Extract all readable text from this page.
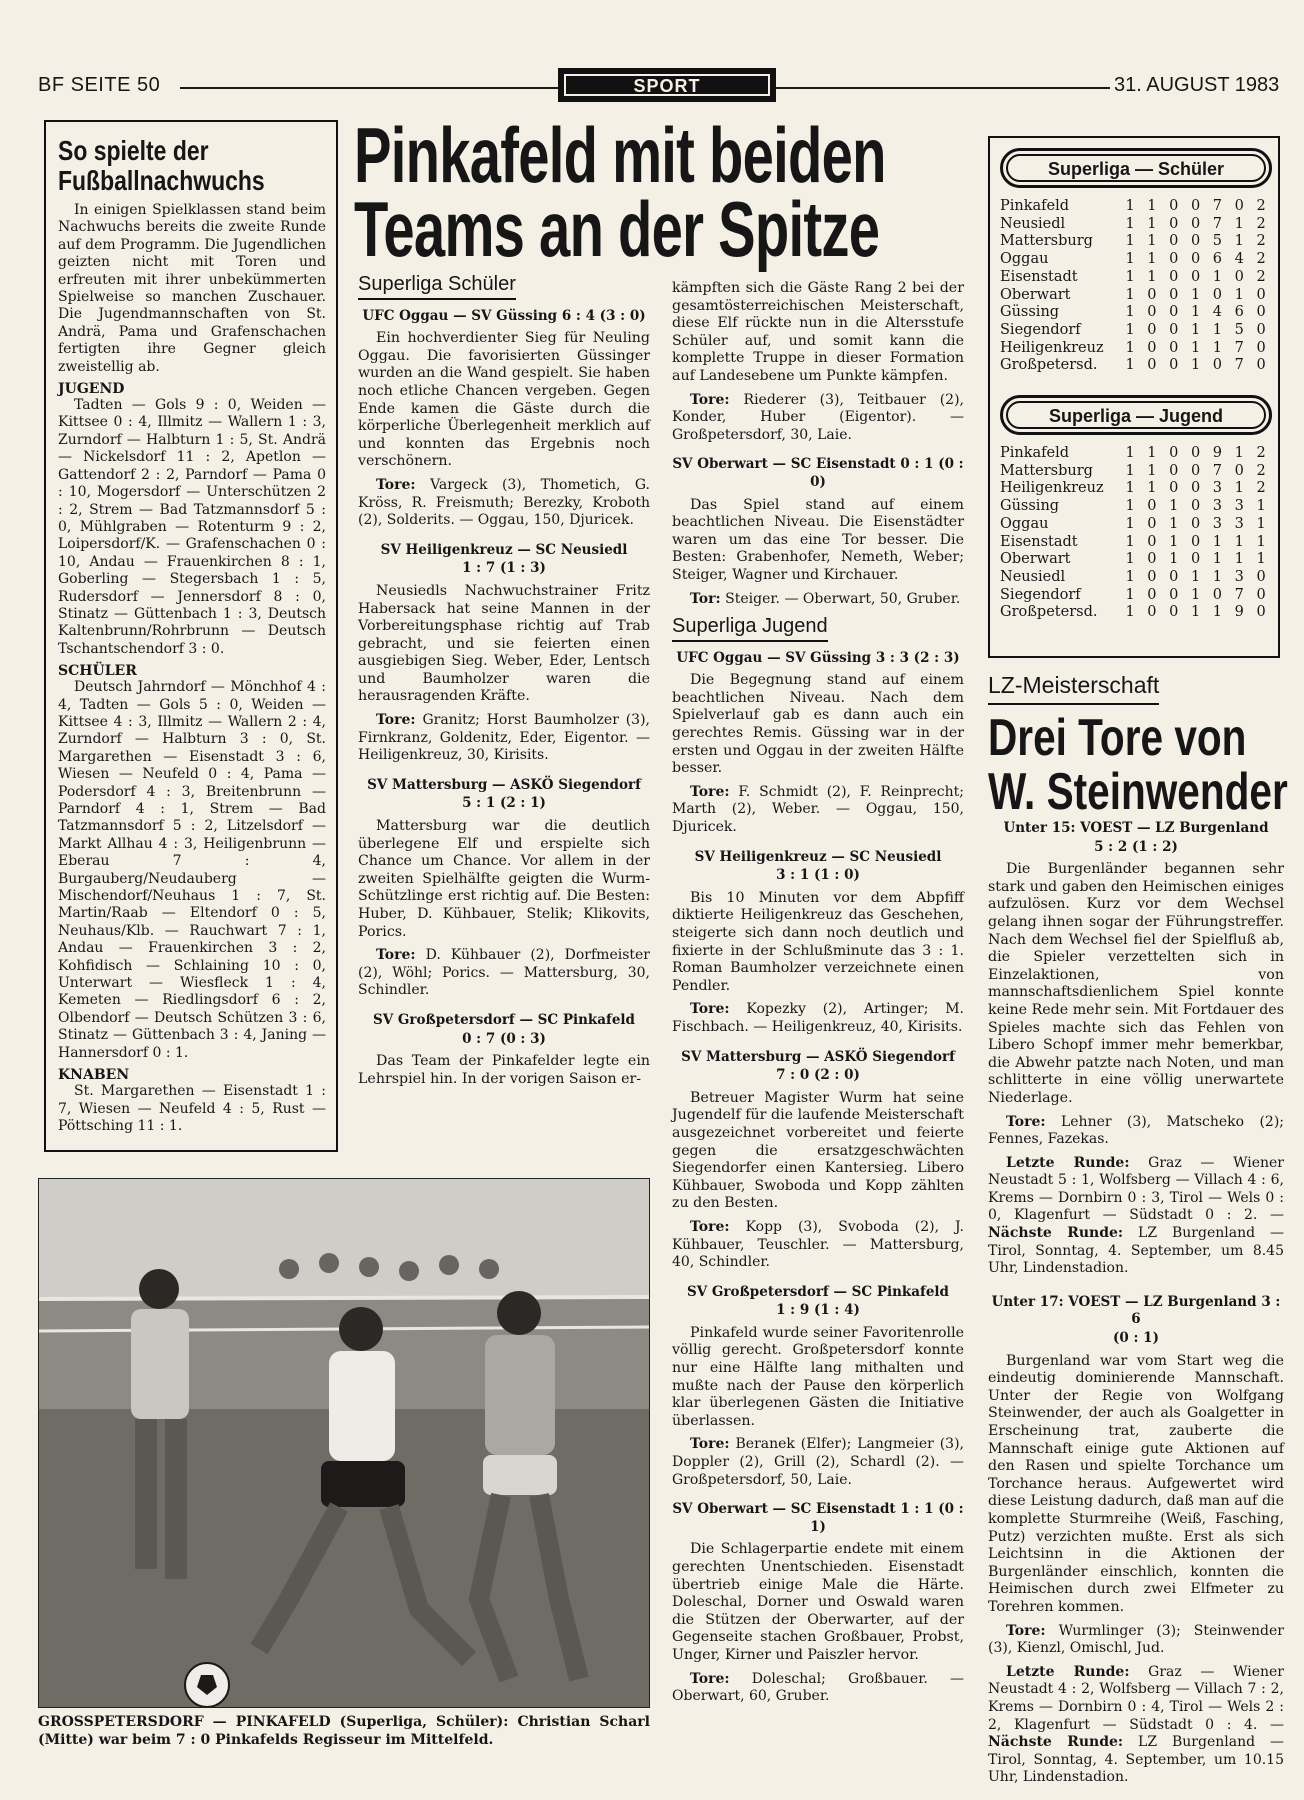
BF SEITE 50	SPORT	31. AUGUST 1983
So spielte der
Fußballnachwuchs

In einigen Spielklassen stand beim Nachwuchs bereits die zweite Runde auf dem Programm. Die Jugendlichen geizten nicht mit Toren und erfreuten mit ihrer unbekümmerten Spielweise so manchen Zuschauer. Die Jugendmannschaften von St. Andrä, Pama und Grafenschachen fertigten ihre Gegner gleich zweistellig ab.

JUGEND

Tadten — Gols 9 : 0, Weiden — Kittsee 0 : 4, Illmitz — Wallern 1 : 3, Zurndorf — Halbturn 1 : 5, St. Andrä — Nickelsdorf 11 : 2, Apetlon — Gattendorf 2 : 2, Parndorf — Pama 0 : 10, Mogersdorf — Unterschützen 2 : 2, Strem — Bad Tatzmannsdorf 5 : 0, Mühlgraben — Rotenturm 9 : 2, Loipersdorf/K. — Grafenschachen 0 : 10, Andau — Frauenkirchen 8 : 1, Goberling — Stegersbach 1 : 5, Rudersdorf — Jennersdorf 8 : 0, Stinatz — Güttenbach 1 : 3, Deutsch Kaltenbrunn/Rohrbrunn — Deutsch Tschantschendorf 3 : 0.

SCHÜLER

Deutsch Jahrndorf — Mönchhof 4 : 4, Tadten — Gols 5 : 0, Weiden — Kittsee 4 : 3, Illmitz — Wallern 2 : 4, Zurndorf — Halbturn 3 : 0, St. Margarethen — Eisenstadt 3 : 6, Wiesen — Neufeld 0 : 4, Pama — Podersdorf 4 : 3, Breitenbrunn — Parndorf 4 : 1, Strem — Bad Tatzmannsdorf 5 : 2, Litzelsdorf — Markt Allhau 4 : 3, Heiligenbrunn — Eberau 7 : 4, Burgauberg/Neudauberg — Mischendorf/Neuhaus 1 : 7, St. Martin/Raab — Eltendorf 0 : 5, Neuhaus/Klb. — Rauchwart 7 : 1, Andau — Frauenkirchen 3 : 2, Kohfidisch — Schlaining 10 : 0, Unterwart — Wiesfleck 1 : 4, Kemeten — Riedlingsdorf 6 : 2, Olbendorf — Deutsch Schützen 3 : 6, Stinatz — Güttenbach 3 : 4, Janing — Hannersdorf 0 : 1.

KNABEN

St. Margarethen — Eisenstadt 1 : 7, Wiesen — Neufeld 4 : 5, Rust — Pöttsching 11 : 1.

Pinkafeld mit beiden
Teams an der Spitze
Superliga Schüler
UFC Oggau — SV Güssing 6 : 4 (3 : 0)

Ein hochverdienter Sieg für Neuling Oggau. Die favorisierten Güssinger wurden an die Wand gespielt. Sie haben noch etliche Chancen vergeben. Gegen Ende kamen die Gäste durch die körperliche Überlegenheit merklich auf und konnten das Ergebnis noch verschönern.

Tore: Vargeck (3), Thometich, G. Kröss, R. Freismuth; Berezky, Kroboth (2), Solderits. — Oggau, 150, Djuricek.

SV Heiligenkreuz — SC Neusiedl
1 : 7 (1 : 3)

Neusiedls Nachwuchstrainer Fritz Habersack hat seine Mannen in der Vorbereitungsphase richtig auf Trab gebracht, und sie feierten einen ausgiebigen Sieg. Weber, Eder, Lentsch und Baumholzer waren die herausragenden Kräfte.

Tore: Granitz; Horst Baumholzer (3), Firnkranz, Goldenitz, Eder, Eigentor. — Heiligenkreuz, 30, Kirisits.

SV Mattersburg — ASKÖ Siegendorf
5 : 1 (2 : 1)

Mattersburg war die deutlich überlegene Elf und erspielte sich Chance um Chance. Vor allem in der zweiten Spielhälfte geigten die Wurm-Schützlinge erst richtig auf. Die Besten: Huber, D. Kühbauer, Stelik; Klikovits, Porics.

Tore: D. Kühbauer (2), Dorfmeister (2), Wöhl; Porics. — Mattersburg, 30, Schindler.

SV Großpetersdorf — SC Pinkafeld
0 : 7 (0 : 3)

Das Team der Pinkafelder legte ein Lehrspiel hin. In der vorigen Saison er-

kämpften sich die Gäste Rang 2 bei der gesamtösterreichischen Meisterschaft, diese Elf rückte nun in die Altersstufe Schüler auf, und somit kann die komplette Truppe in dieser Formation auf Landesebene um Punkte kämpfen.

Tore: Riederer (3), Teitbauer (2), Konder, Huber (Eigentor). — Großpetersdorf, 30, Laie.

SV Oberwart — SC Eisenstadt 0 : 1 (0 : 0)

Das Spiel stand auf einem beachtlichen Niveau. Die Eisenstädter waren um das eine Tor besser. Die Besten: Grabenhofer, Nemeth, Weber; Steiger, Wagner und Kirchauer.

Tor: Steiger. — Oberwart, 50, Gruber.

Superliga Jugend
UFC Oggau — SV Güssing 3 : 3 (2 : 3)

Die Begegnung stand auf einem beachtlichen Niveau. Nach dem Spielverlauf gab es dann auch ein gerechtes Remis. Güssing war in der ersten und Oggau in der zweiten Hälfte besser.

Tore: F. Schmidt (2), F. Reinprecht; Marth (2), Weber. — Oggau, 150, Djuricek.

SV Heiligenkreuz — SC Neusiedl
3 : 1 (1 : 0)

Bis 10 Minuten vor dem Abpfiff diktierte Heiligenkreuz das Geschehen, steigerte sich dann noch deutlich und fixierte in der Schlußminute das 3 : 1. Roman Baumholzer verzeichnete einen Pendler.

Tore: Kopezky (2), Artinger; M. Fischbach. — Heiligenkreuz, 40, Kirisits.

SV Mattersburg — ASKÖ Siegendorf
7 : 0 (2 : 0)

Betreuer Magister Wurm hat seine Jugendelf für die laufende Meisterschaft ausgezeichnet vorbereitet und feierte gegen die ersatzgeschwächten Siegendorfer einen Kantersieg. Libero Kühbauer, Swoboda und Kopp zählten zu den Besten.

Tore: Kopp (3), Svoboda (2), J. Kühbauer, Teuschler. — Mattersburg, 40, Schindler.

SV Großpetersdorf — SC Pinkafeld
1 : 9 (1 : 4)

Pinkafeld wurde seiner Favoritenrolle völlig gerecht. Großpetersdorf konnte nur eine Hälfte lang mithalten und mußte nach der Pause den körperlich klar überlegenen Gästen die Initiative überlassen.

Tore: Beranek (Elfer); Langmeier (3), Doppler (2), Grill (2), Schardl (2). — Großpetersdorf, 50, Laie.

SV Oberwart — SC Eisenstadt 1 : 1 (0 : 1)

Die Schlagerpartie endete mit einem gerechten Unentschieden. Eisenstadt übertrieb einige Male die Härte. Doleschal, Dorner und Oswald waren die Stützen der Oberwarter, auf der Gegenseite stachen Großbauer, Probst, Unger, Kirner und Paiszler hervor.

Tore: Doleschal; Großbauer. — Oberwart, 60, Gruber.

Superliga — Schüler
Pinkafeld	1	1	0	0	7	0	2
Neusiedl	1	1	0	0	7	1	2
Mattersburg	1	1	0	0	5	1	2
Oggau	1	1	0	0	6	4	2
Eisenstadt	1	1	0	0	1	0	2
Oberwart	1	0	0	1	0	1	0
Güssing	1	0	0	1	4	6	0
Siegendorf	1	0	0	1	1	5	0
Heiligenkreuz	1	0	0	1	1	7	0
Großpetersd.	1	0	0	1	0	7	0
Superliga — Jugend
Pinkafeld	1	1	0	0	9	1	2
Mattersburg	1	1	0	0	7	0	2
Heiligenkreuz	1	1	0	0	3	1	2
Güssing	1	0	1	0	3	3	1
Oggau	1	0	1	0	3	3	1
Eisenstadt	1	0	1	0	1	1	1
Oberwart	1	0	1	0	1	1	1
Neusiedl	1	0	0	1	1	3	0
Siegendorf	1	0	0	1	0	7	0
Großpetersd.	1	0	0	1	1	9	0
LZ-Meisterschaft
Drei Tore von
W. Steinwender
Unter 15: VOEST — LZ Burgenland
5 : 2 (1 : 2)

Die Burgenländer begannen sehr stark und gaben den Heimischen einiges aufzulösen. Kurz vor dem Wechsel gelang ihnen sogar der Führungstreffer. Nach dem Wechsel fiel der Spielfluß ab, die Spieler verzettelten sich in Einzelaktionen, von mannschaftsdienlichem Spiel konnte keine Rede mehr sein. Mit Fortdauer des Spieles machte sich das Fehlen von Libero Schopf immer mehr bemerkbar, die Abwehr patzte nach Noten, und man schlitterte in eine völlig unerwartete Niederlage.

Tore: Lehner (3), Matscheko (2); Fennes, Fazekas.

Letzte Runde: Graz — Wiener Neustadt 5 : 1, Wolfsberg — Villach 4 : 6, Krems — Dornbirn 0 : 3, Tirol — Wels 0 : 0, Klagenfurt — Südstadt 0 : 2. — Nächste Runde: LZ Burgenland — Tirol, Sonntag, 4. September, um 8.45 Uhr, Lindenstadion.

Unter 17: VOEST — LZ Burgenland 3 : 6
(0 : 1)

Burgenland war vom Start weg die eindeutig dominierende Mannschaft. Unter der Regie von Wolfgang Steinwender, der auch als Goalgetter in Erscheinung trat, zauberte die Mannschaft einige gute Aktionen auf den Rasen und spielte Torchance um Torchance heraus. Aufgewertet wird diese Leistung dadurch, daß man auf die komplette Sturmreihe (Weiß, Fasching, Putz) verzichten mußte. Erst als sich Leichtsinn in die Aktionen der Burgenländer einschlich, konnten die Heimischen durch zwei Elfmeter zu Torehren kommen.

Tore: Wurmlinger (3); Steinwender (3), Kienzl, Omischl, Jud.

Letzte Runde: Graz — Wiener Neustadt 4 : 2, Wolfsberg — Villach 7 : 2, Krems — Dornbirn 0 : 4, Tirol — Wels 2 : 2, Klagenfurt — Südstadt 0 : 4. — Nächste Runde: LZ Burgenland — Tirol, Sonntag, 4. September, um 10.15 Uhr, Lindenstadion.

GROSSPETERSDORF — PINKAFELD (Superliga, Schüler): Christian Scharl (Mitte) war beim 7 : 0 Pinkafelds Regisseur im Mittelfeld.
